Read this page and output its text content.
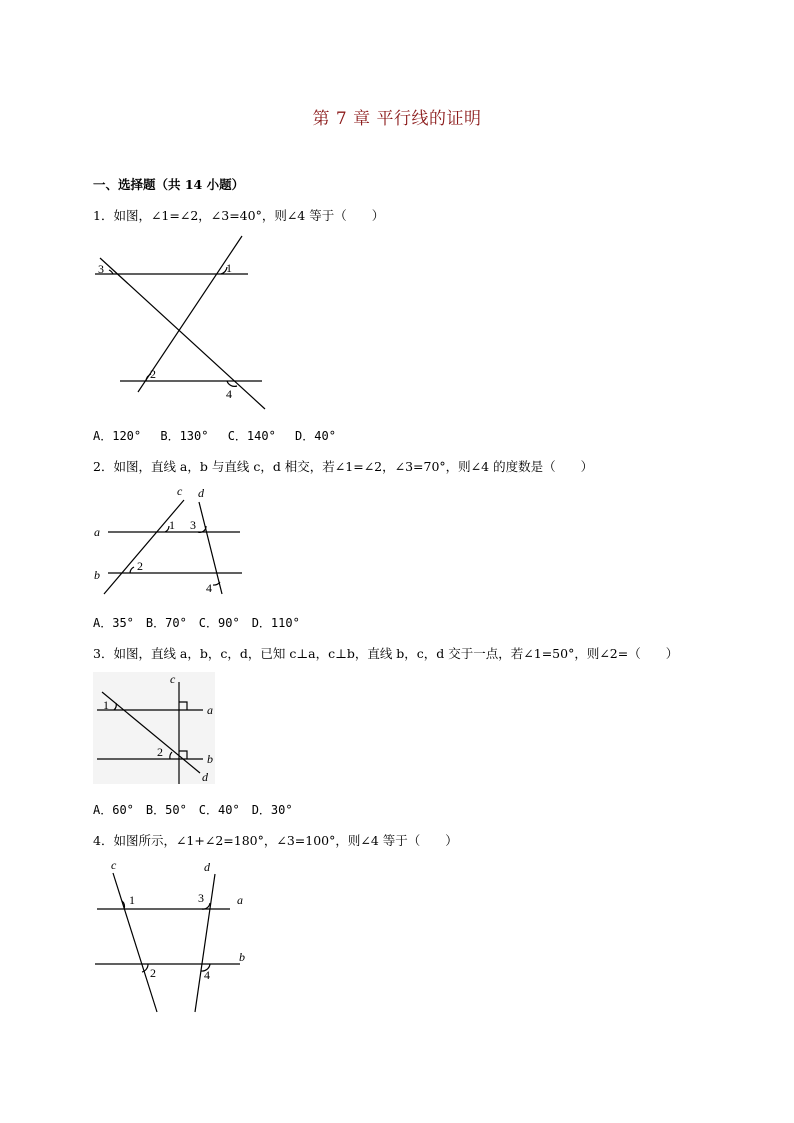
第 7 章 平行线的证明
一、选择题（共 14 小题）
1．如图，∠1=∠2，∠3=40°，则∠4 等于（　　）
3	1
2
4
A．120°　 B．130°　 C．140°　 D．40°
2．如图，直线 a，b 与直线 c，d 相交，若∠1=∠2，∠3=70°，则∠4 的度数是（　　）
c d
a
b
1
2
3
4
A．35°　B．70°　C．90°　D．110°
3．如图，直线 a，b，c，d，已知 c⊥a，c⊥b，直线 b，c，d 交于一点，若∠1=50°，则∠2=（　　）
c
a
b
d
1
2
A．60°　B．50°　C．40°　D．30°
4．如图所示，∠1+∠2=180°，∠3=100°，则∠4 等于（　　）
c	d
a
b
1
2
3
4
